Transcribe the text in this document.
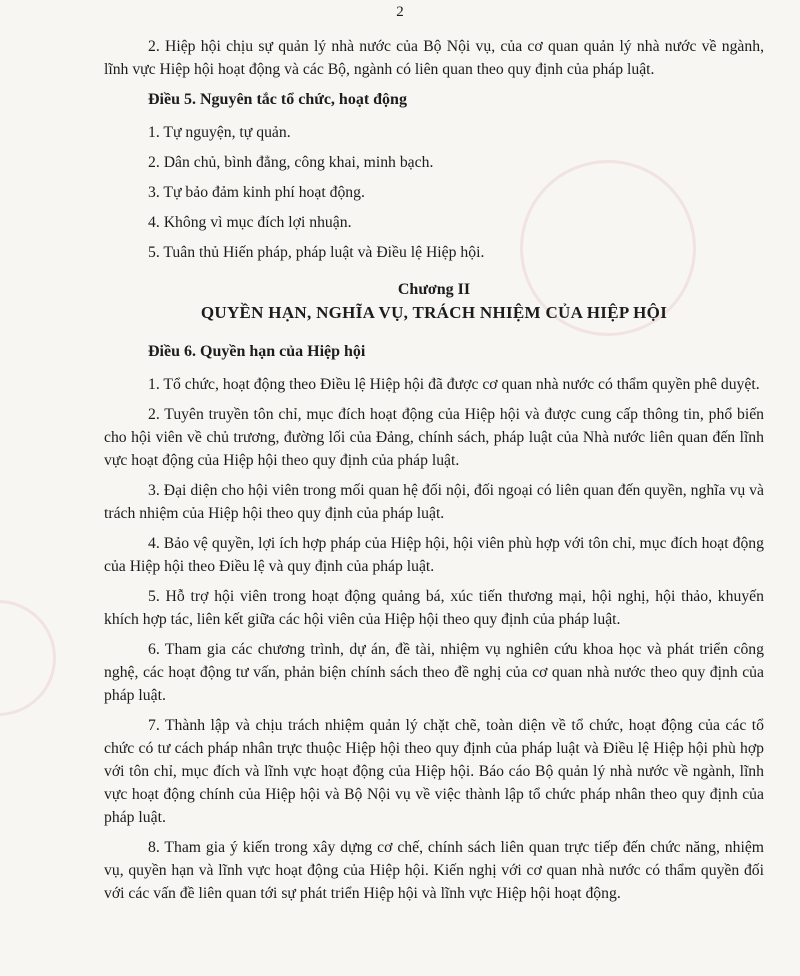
2

2. Hiệp hội chịu sự quản lý nhà nước của Bộ Nội vụ, của cơ quan quản lý nhà nước về ngành, lĩnh vực Hiệp hội hoạt động và các Bộ, ngành có liên quan theo quy định của pháp luật.

Điều 5. Nguyên tắc tổ chức, hoạt động
1. Tự nguyện, tự quản.
2. Dân chủ, bình đẳng, công khai, minh bạch.
3. Tự bảo đảm kinh phí hoạt động.
4. Không vì mục đích lợi nhuận.
5. Tuân thủ Hiến pháp, pháp luật và Điều lệ Hiệp hội.
Chương II
QUYỀN HẠN, NGHĨA VỤ, TRÁCH NHIỆM CỦA HIỆP HỘI
Điều 6. Quyền hạn của Hiệp hội

1. Tổ chức, hoạt động theo Điều lệ Hiệp hội đã được cơ quan nhà nước có thẩm quyền phê duyệt.

2. Tuyên truyền tôn chỉ, mục đích hoạt động của Hiệp hội và được cung cấp thông tin, phổ biến cho hội viên về chủ trương, đường lối của Đảng, chính sách, pháp luật của Nhà nước liên quan đến lĩnh vực hoạt động của Hiệp hội theo quy định của pháp luật.

3. Đại diện cho hội viên trong mối quan hệ đối nội, đối ngoại có liên quan đến quyền, nghĩa vụ và trách nhiệm của Hiệp hội theo quy định của pháp luật.

4. Bảo vệ quyền, lợi ích hợp pháp của Hiệp hội, hội viên phù hợp với tôn chỉ, mục đích hoạt động của Hiệp hội theo Điều lệ và quy định của pháp luật.

5. Hỗ trợ hội viên trong hoạt động quảng bá, xúc tiến thương mại, hội nghị, hội thảo, khuyến khích hợp tác, liên kết giữa các hội viên của Hiệp hội theo quy định của pháp luật.

6. Tham gia các chương trình, dự án, đề tài, nhiệm vụ nghiên cứu khoa học và phát triển công nghệ, các hoạt động tư vấn, phản biện chính sách theo đề nghị của cơ quan nhà nước theo quy định của pháp luật.

7. Thành lập và chịu trách nhiệm quản lý chặt chẽ, toàn diện về tổ chức, hoạt động của các tổ chức có tư cách pháp nhân trực thuộc Hiệp hội theo quy định của pháp luật và Điều lệ Hiệp hội phù hợp với tôn chỉ, mục đích và lĩnh vực hoạt động của Hiệp hội. Báo cáo Bộ quản lý nhà nước về ngành, lĩnh vực hoạt động chính của Hiệp hội và Bộ Nội vụ về việc thành lập tổ chức pháp nhân theo quy định của pháp luật.

8. Tham gia ý kiến trong xây dựng cơ chế, chính sách liên quan trực tiếp đến chức năng, nhiệm vụ, quyền hạn và lĩnh vực hoạt động của Hiệp hội. Kiến nghị với cơ quan nhà nước có thẩm quyền đối với các vấn đề liên quan tới sự phát triển Hiệp hội và lĩnh vực Hiệp hội hoạt động.
